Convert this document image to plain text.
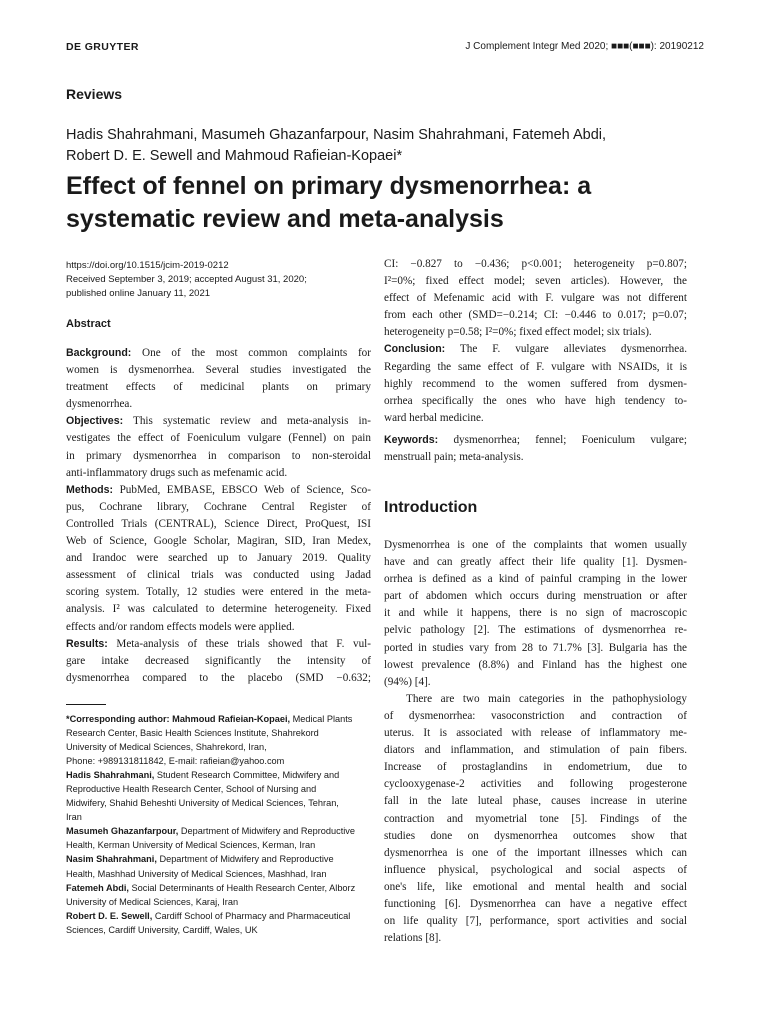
DE GRUYTER	J Complement Integr Med 2020; ■■■(■■■): 20190212
Reviews
Hadis Shahrahmani, Masumeh Ghazanfarpour, Nasim Shahrahmani, Fatemeh Abdi,
Robert D. E. Sewell and Mahmoud Rafieian-Kopaei*
Effect of fennel on primary dysmenorrhea: a
systematic review and meta-analysis
https://doi.org/10.1515/jcim-2019-0212
Received September 3, 2019; accepted August 31, 2020;
published online January 11, 2021
Abstract
Background: One of the most common complaints for
women is dysmenorrhea. Several studies investigated the
treatment effects of medicinal plants on primary
dysmenorrhea.
Objectives: This systematic review and meta-analysis in-
vestigates the effect of Foeniculum vulgare (Fennel) on pain
in primary dysmenorrhea in comparison to non-steroidal
anti-inflammatory drugs such as mefenamic acid.
Methods: PubMed, EMBASE, EBSCO Web of Science, Sco-
pus, Cochrane library, Cochrane Central Register of
Controlled Trials (CENTRAL), Science Direct, ProQuest, ISI
Web of Science, Google Scholar, Magiran, SID, Iran Medex,
and Irandoc were searched up to January 2019. Quality
assessment of clinical trials was conducted using Jadad
scoring system. Totally, 12 studies were entered in the meta-
analysis. I² was calculated to determine heterogeneity. Fixed
effects and/or random effects models were applied.
Results: Meta-analysis of these trials showed that F. vul-
gare intake decreased significantly the intensity of
dysmenorrhea compared to the placebo (SMD −0.632;
CI: −0.827 to −0.436; p<0.001; heterogeneity p=0.807;
I²=0%; fixed effect model; seven articles). However, the
effect of Mefenamic acid with F. vulgare was not different
from each other (SMD=−0.214; CI: −0.446 to 0.017; p=0.07;
heterogeneity p=0.58; I²=0%; fixed effect model; six trials).
Conclusion: The F. vulgare alleviates dysmenorrhea.
Regarding the same effect of F. vulgare with NSAIDs, it is
highly recommend to the women suffered from dysmen-
orrhea specifically the ones who have high tendency to-
ward herbal medicine.
Keywords: dysmenorrhea; fennel; Foeniculum vulgare;
menstruall pain; meta-analysis.
Introduction
Dysmenorrhea is one of the complaints that women usually
have and can greatly affect their life quality [1]. Dysmen-
orrhea is defined as a kind of painful cramping in the lower
part of abdomen which occurs during menstruation or after
it and while it happens, there is no sign of macroscopic
pelvic pathology [2]. The estimations of dysmenorrhea re-
ported in studies vary from 28 to 71.7% [3]. Bulgaria has the
lowest prevalence (8.8%) and Finland has the highest one
(94%) [4].
There are two main categories in the pathophysiology
of dysmenorrhea: vasoconstriction and contraction of
uterus. It is associated with release of inflammatory me-
diators and inflammation, and stimulation of pain fibers.
Increase of prostaglandins in endometrium, due to
cyclooxygenase-2 activities and following progesterone
fall in the late luteal phase, causes increase in uterine
contraction and myometrial tone [5]. Findings of the
studies done on dysmenorrhea outcomes show that
dysmenorrhea is one of the important illnesses which can
influence physical, psychological and social aspects of
one's life, like emotional and mental health and social
functioning [6]. Dysmenorrhea can have a negative effect
on life quality [7], performance, sport activities and social
relations [8].
*Corresponding author: Mahmoud Rafieian-Kopaei, Medical Plants
Research Center, Basic Health Sciences Institute, Shahrekord
University of Medical Sciences, Shahrekord, Iran,
Phone: +989131811842, E-mail: rafieian@yahoo.com
Hadis Shahrahmani, Student Research Committee, Midwifery and
Reproductive Health Research Center, School of Nursing and
Midwifery, Shahid Beheshti University of Medical Sciences, Tehran,
Iran
Masumeh Ghazanfarpour, Department of Midwifery and Reproductive
Health, Kerman University of Medical Sciences, Kerman, Iran
Nasim Shahrahmani, Department of Midwifery and Reproductive
Health, Mashhad University of Medical Sciences, Mashhad, Iran
Fatemeh Abdi, Social Determinants of Health Research Center, Alborz
University of Medical Sciences, Karaj, Iran
Robert D. E. Sewell, Cardiff School of Pharmacy and Pharmaceutical
Sciences, Cardiff University, Cardiff, Wales, UK
